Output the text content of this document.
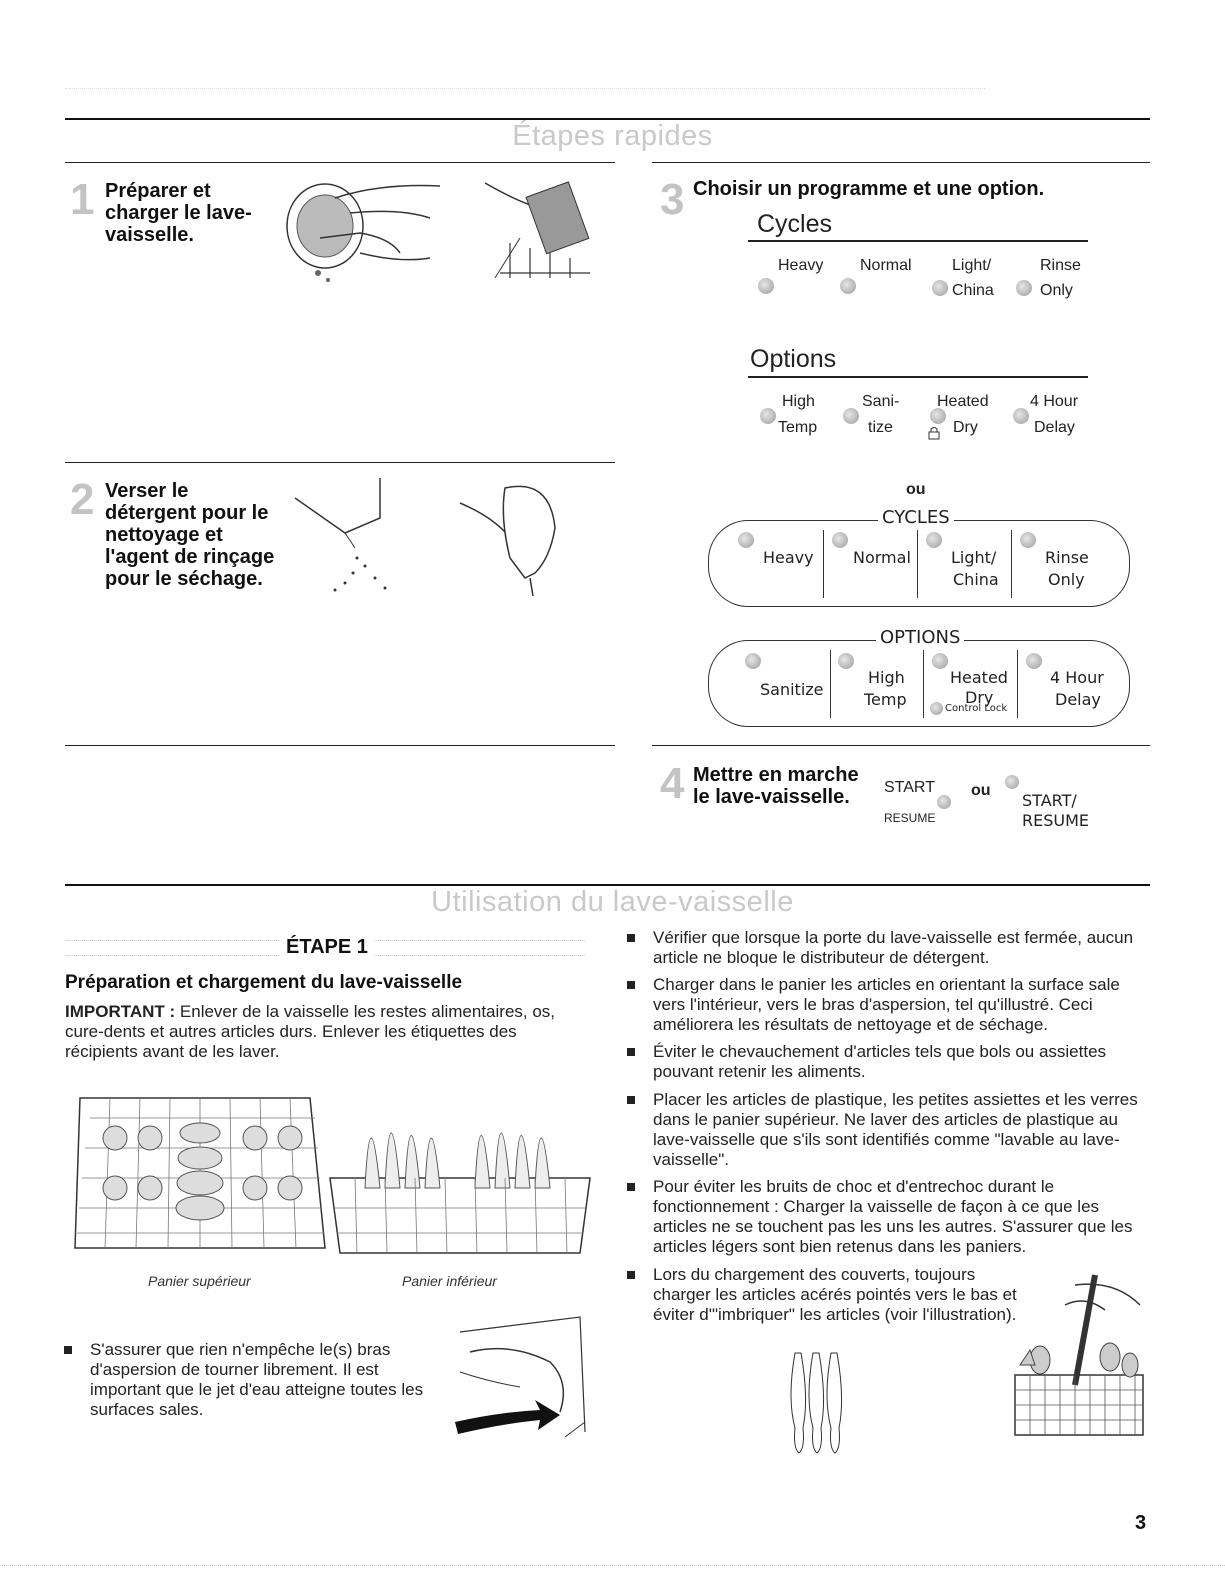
Étapes rapides
1 Préparer et charger le lave-vaisselle.
2 Verser le détergent pour le nettoyage et l'agent de rinçage pour le séchage.
3 Choisir un programme et une option.
Cycles
Heavy Normal	Light/
China
Rinse
Only
Options
High
Temp
Sani-
tize
Heated
Dry
4 Hour
Delay
ou
CYCLES
Heavy Normal	Light/
China
Rinse
Only
OPTIONS
Sanitize
High
Temp
Heated
Dry
Control Lock
4 Hour
Delay
4 Mettre en marche le lave-vaisselle.	START
RESUME
ou
START/
RESUME
Utilisation du lave-vaisselle
ÉTAPE 1
Préparation et chargement du lave-vaisselle
IMPORTANT : Enlever de la vaisselle les restes alimentaires, os, cure-dents et autres articles durs. Enlever les étiquettes des récipients avant de les laver.
Panier supérieur	Panier inférieur
S'assurer que rien n'empêche le(s) bras d'aspersion de tourner librement. Il est important que le jet d'eau atteigne toutes les surfaces sales.
Vérifier que lorsque la porte du lave-vaisselle est fermée, aucun article ne bloque le distributeur de détergent.
Charger dans le panier les articles en orientant la surface sale vers l'intérieur, vers le bras d'aspersion, tel qu'illustré. Ceci améliorera les résultats de nettoyage et de séchage.
Éviter le chevauchement d'articles tels que bols ou assiettes pouvant retenir les aliments.
Placer les articles de plastique, les petites assiettes et les verres dans le panier supérieur. Ne laver des articles de plastique au lave-vaisselle que s'ils sont identifiés comme "lavable au lave-vaisselle".
Pour éviter les bruits de choc et d'entrechoc durant le fonctionnement : Charger la vaisselle de façon à ce que les articles ne se touchent pas les uns les autres. S'assurer que les articles légers sont bien retenus dans les paniers.
Lors du chargement des couverts, toujours charger les articles acérés pointés vers le bas et éviter d'"imbriquer" les articles (voir l'illustration).
3
